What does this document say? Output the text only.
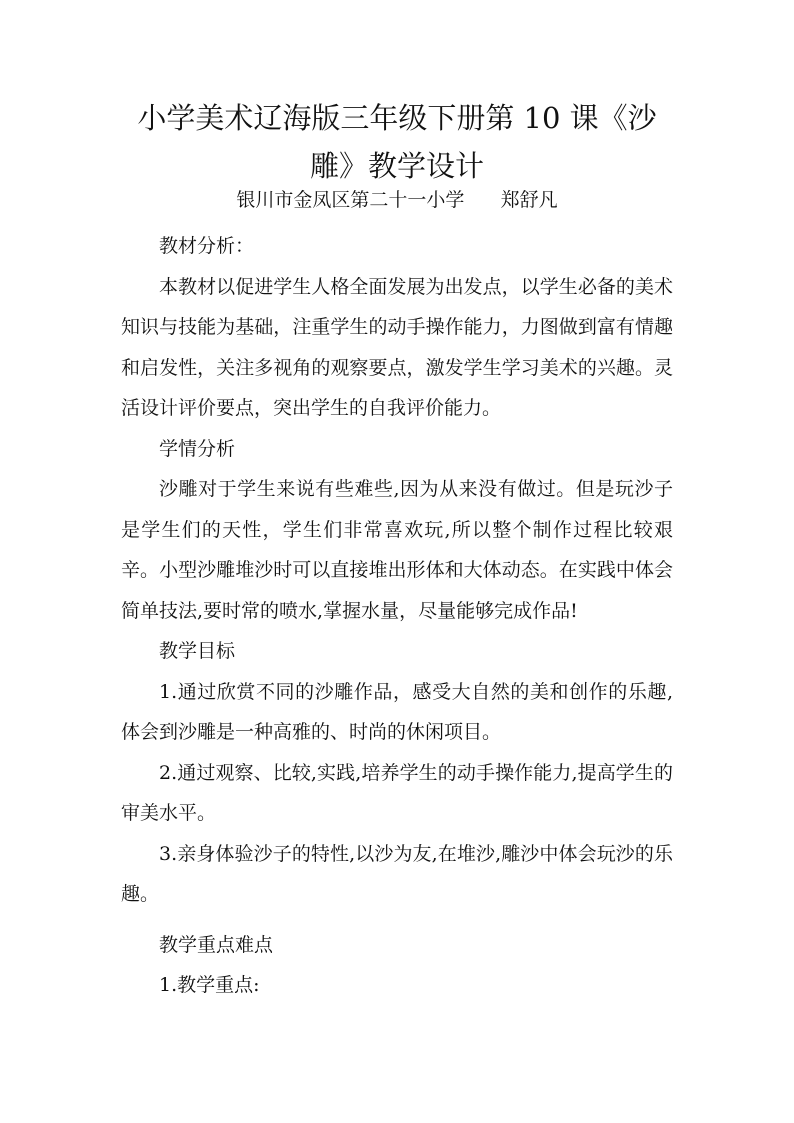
小学美术辽海版三年级下册第 10 课《沙雕》教学设计
银川市金凤区第二十一小学      郑舒凡

教材分析：

本教材以促进学生人格全面发展为出发点，以学生必备的美术知识与技能为基础，注重学生的动手操作能力，力图做到富有情趣和启发性，关注多视角的观察要点，激发学生学习美术的兴趣。灵活设计评价要点，突出学生的自我评价能力。

学情分析

沙雕对于学生来说有些难些,因为从来没有做过。但是玩沙子是学生们的天性，学生们非常喜欢玩,所以整个制作过程比较艰辛。小型沙雕堆沙时可以直接堆出形体和大体动态。在实践中体会简单技法,要时常的喷水,掌握水量，尽量能够完成作品!

教学目标

1.通过欣赏不同的沙雕作品，感受大自然的美和创作的乐趣,体会到沙雕是一种高雅的、时尚的休闲项目。

2.通过观察、比较,实践,培养学生的动手操作能力,提高学生的审美水平。

3.亲身体验沙子的特性,以沙为友,在堆沙,雕沙中体会玩沙的乐趣。

教学重点难点

1.教学重点:
